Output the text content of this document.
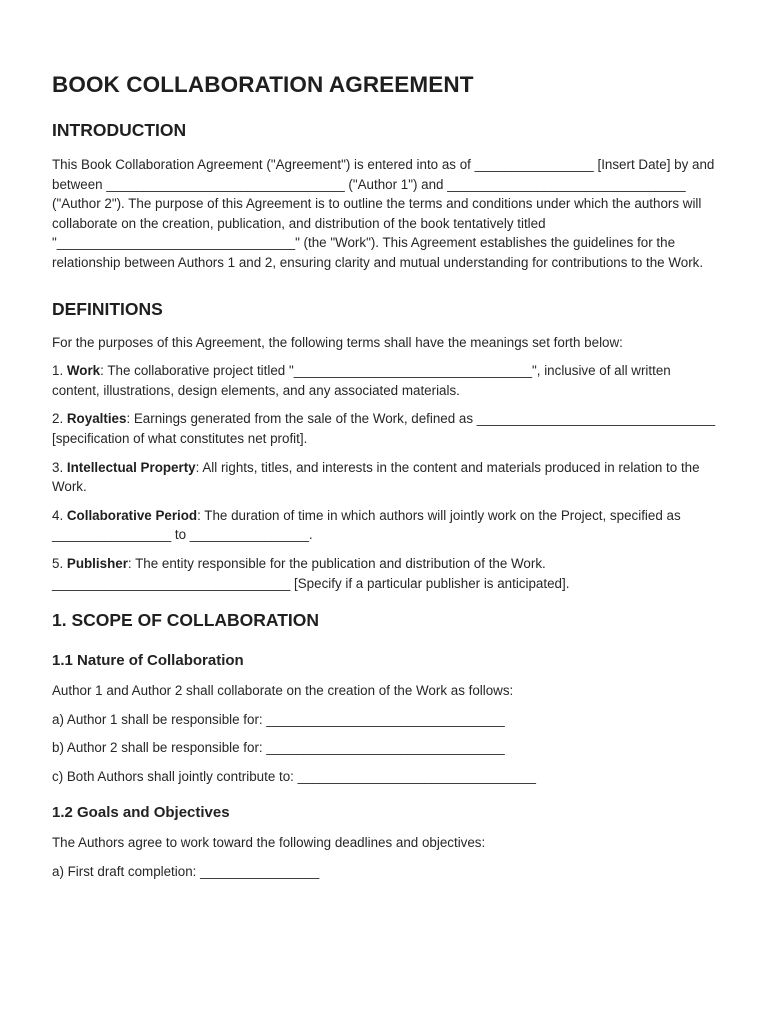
BOOK COLLABORATION AGREEMENT
INTRODUCTION

This Book Collaboration Agreement ("Agreement") is entered into as of ________________ [Insert Date] by and between ________________________________ ("Author 1") and ________________________________ ("Author 2"). The purpose of this Agreement is to outline the terms and conditions under which the authors will collaborate on the creation, publication, and distribution of the book tentatively titled "________________________________" (the "Work"). This Agreement establishes the guidelines for the relationship between Authors 1 and 2, ensuring clarity and mutual understanding for contributions to the Work.

DEFINITIONS

For the purposes of this Agreement, the following terms shall have the meanings set forth below:

1. Work: The collaborative project titled "________________________________", inclusive of all written content, illustrations, design elements, and any associated materials.

2. Royalties: Earnings generated from the sale of the Work, defined as ________________________________ [specification of what constitutes net profit].

3. Intellectual Property: All rights, titles, and interests in the content and materials produced in relation to the Work.

4. Collaborative Period: The duration of time in which authors will jointly work on the Project, specified as ________________ to ________________.

5. Publisher: The entity responsible for the publication and distribution of the Work. ________________________________ [Specify if a particular publisher is anticipated].

1. SCOPE OF COLLABORATION
1.1 Nature of Collaboration

Author 1 and Author 2 shall collaborate on the creation of the Work as follows:

a) Author 1 shall be responsible for: ________________________________

b) Author 2 shall be responsible for: ________________________________

c) Both Authors shall jointly contribute to: ________________________________

1.2 Goals and Objectives

The Authors agree to work toward the following deadlines and objectives:

a) First draft completion: ________________
